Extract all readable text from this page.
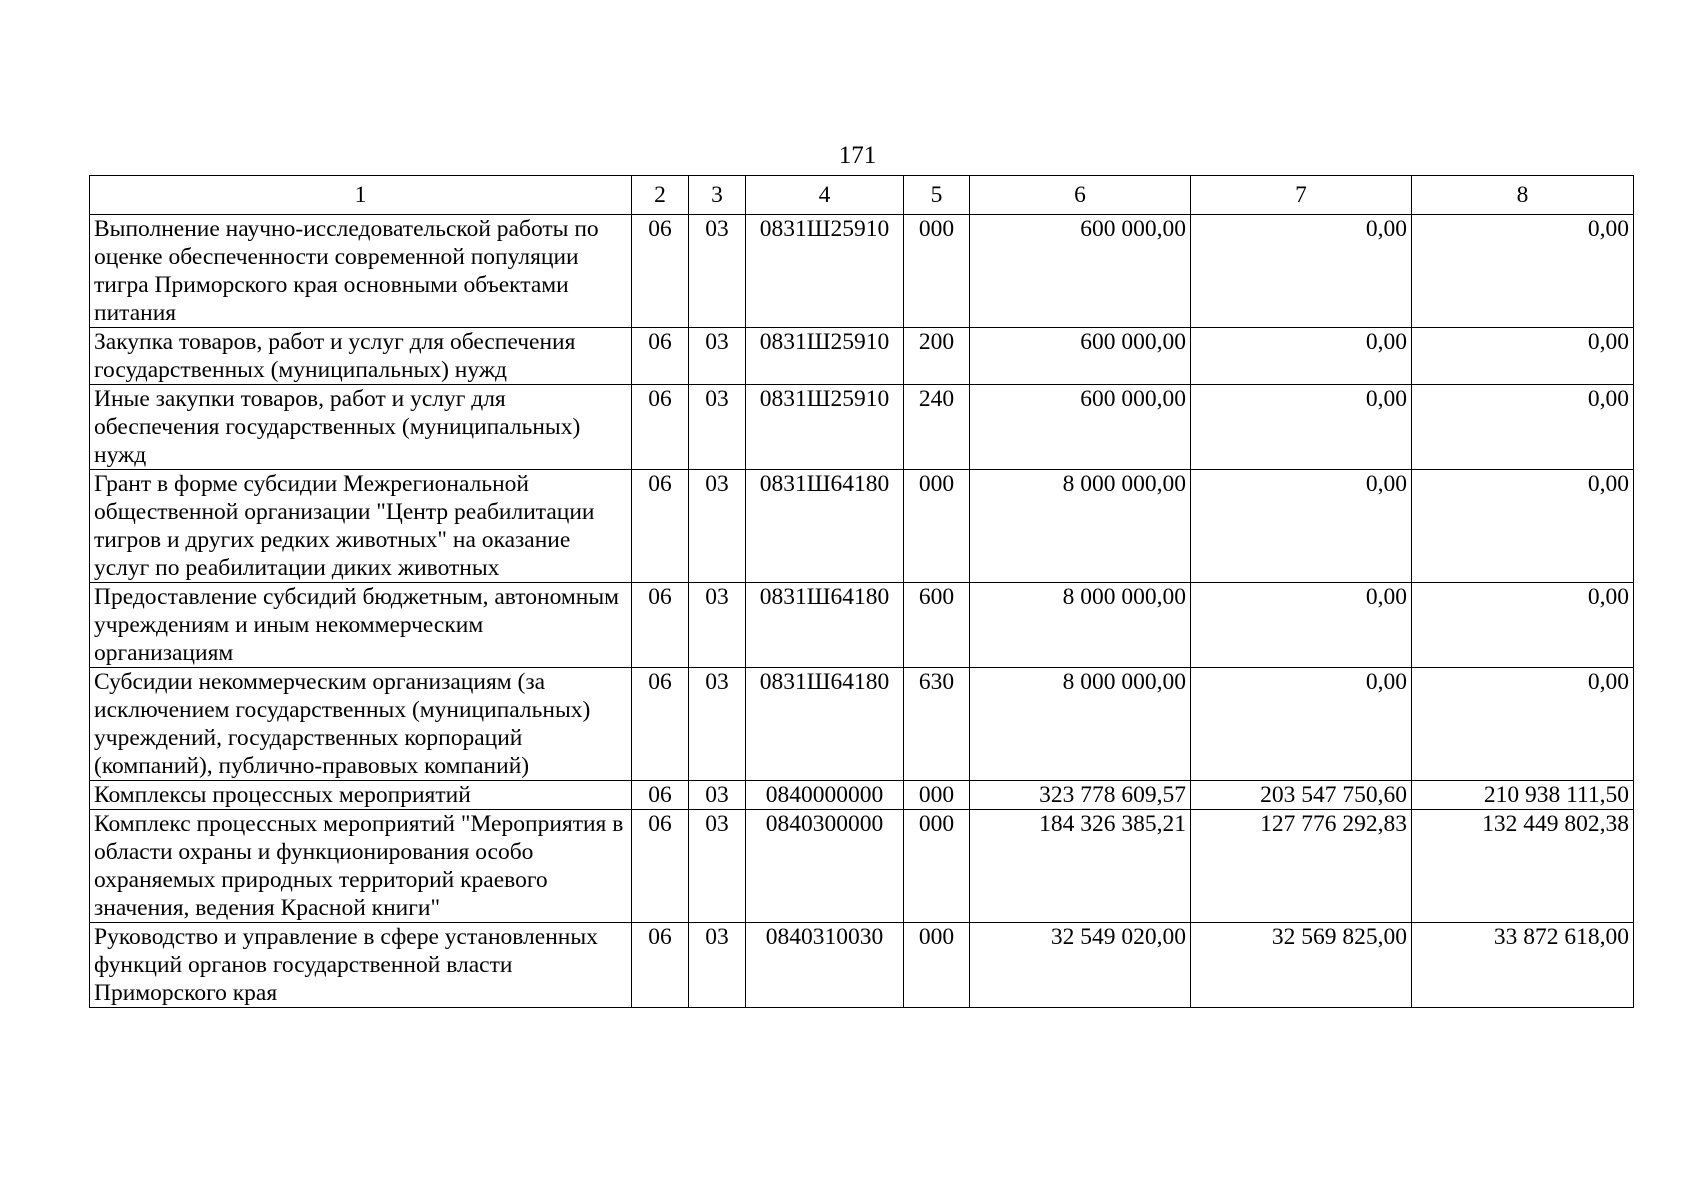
171
1	2	3	4	5	6	7	8
Выполнение научно-исследовательской работы по оценке обеспеченности современной популяции тигра Приморского края основными объектами питания	06	03	0831Ш25910	000	600 000,00	0,00	0,00
Закупка товаров, работ и услуг для обеспечения государственных (муниципальных) нужд	06	03	0831Ш25910	200	600 000,00	0,00	0,00
Иные закупки товаров, работ и услуг для обеспечения государственных (муниципальных) нужд	06	03	0831Ш25910	240	600 000,00	0,00	0,00
Грант в форме субсидии Межрегиональной общественной организации "Центр реабилитации тигров и других редких животных" на оказание услуг по реабилитации диких животных	06	03	0831Ш64180	000	8 000 000,00	0,00	0,00
Предоставление субсидий бюджетным, автономным учреждениям и иным некоммерческим организациям	06	03	0831Ш64180	600	8 000 000,00	0,00	0,00
Субсидии некоммерческим организациям (за исключением государственных (муниципальных) учреждений, государственных корпораций (компаний), публично-правовых компаний)	06	03	0831Ш64180	630	8 000 000,00	0,00	0,00
Комплексы процессных мероприятий	06	03	0840000000	000	323 778 609,57	203 547 750,60	210 938 111,50
Комплекс процессных мероприятий "Мероприятия в области охраны и функционирования особо охраняемых природных территорий краевого значения, ведения Красной книги"	06	03	0840300000	000	184 326 385,21	127 776 292,83	132 449 802,38
Руководство и управление в сфере установленных функций органов государственной власти Приморского края	06	03	0840310030	000	32 549 020,00	32 569 825,00	33 872 618,00
